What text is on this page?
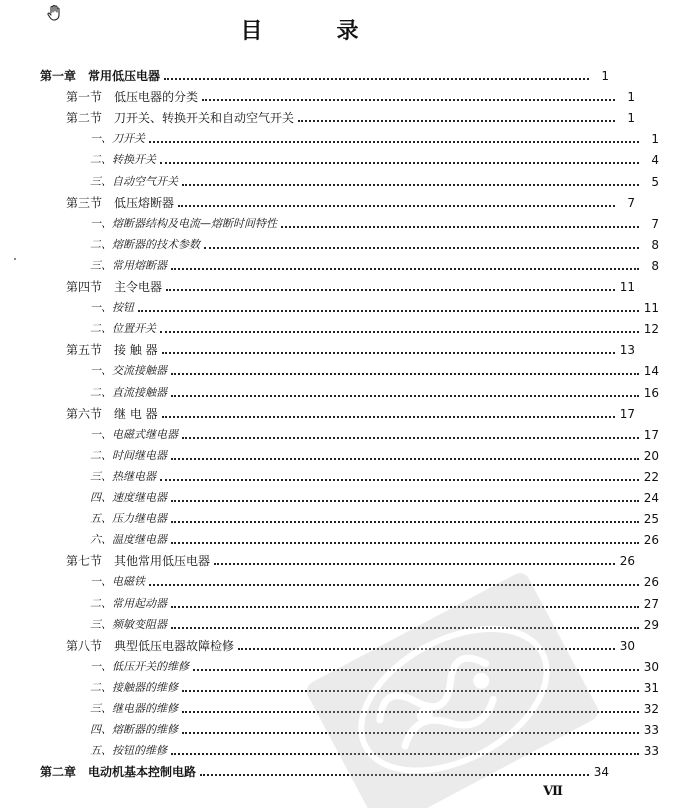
目　录
第一章　常用低压电器	1
第一节　低压电器的分类	1
第二节　刀开关、转换开关和自动空气开关	1
一、刀开关	1
二、转换开关	4
三、自动空气开关	5
第三节　低压熔断器	7
一、熔断器结构及电流—熔断时间特性	7
二、熔断器的技术参数	8
三、常用熔断器	8
第四节　主令电器	11
一、按钮	11
二、位置开关	12
第五节　接 触 器	13
一、交流接触器	14
二、直流接触器	16
第六节　继 电 器	17
一、电磁式继电器	17
二、时间继电器	20
三、热继电器	22
四、速度继电器	24
五、压力继电器	25
六、温度继电器	26
第七节　其他常用低压电器	26
一、电磁铁	26
二、常用起动器	27
三、频敏变阻器	29
第八节　典型低压电器故障检修	30
一、低压开关的维修	30
二、接触器的维修	31
三、继电器的维修	32
四、熔断器的维修	33
五、按钮的维修	33
第二章　电动机基本控制电路	34
Ⅶ
